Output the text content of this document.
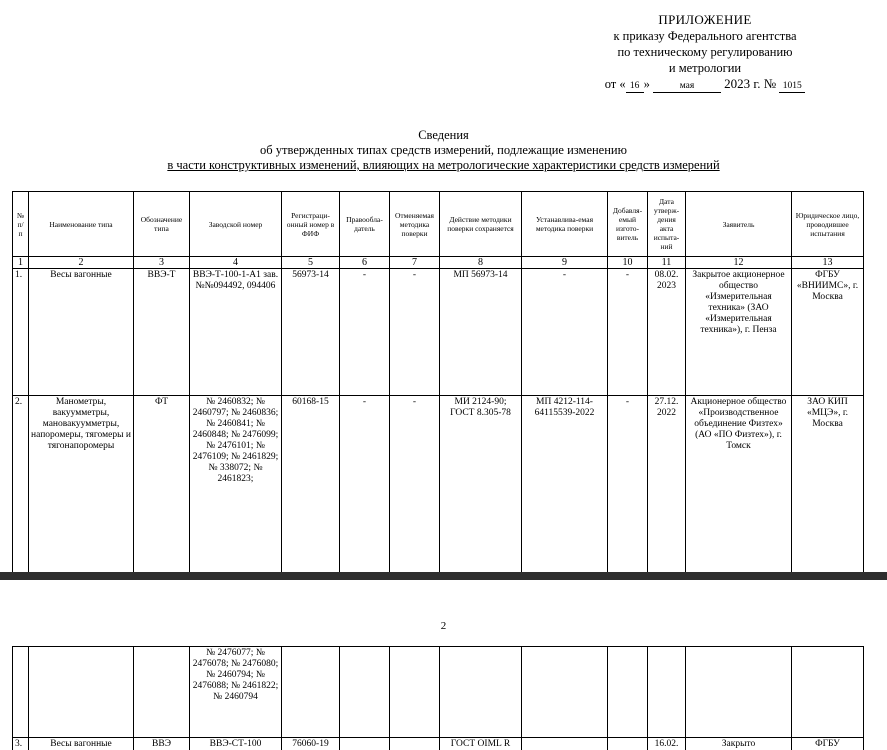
ПРИЛОЖЕНИЕ
к приказу Федерального агентства
по техническому регулированию
и метрологии
от « 16 »	мая 2023 г. № 1015
Сведения
об утвержденных типах средств измерений, подлежащие изменению
в части конструктивных изменений, влияющих на метрологические характеристики средств измерений
№ п/ п	Наименование типа	Обозначение типа	Заводской номер	Регистраци-онный номер в ФИФ	Правообла-датель	Отменяемая методика поверки	Действие методики поверки сохраняется	Устанавлива-емая методика поверки	Добавля-емый изгото-витель	Дата утверж-дения акта испыта-ний	Заявитель	Юридическое лицо, проводившее испытания
1	2	3	4	5	6	7	8	9	10	11	12	13
1.	Весы вагонные	ВВЭ-Т	ВВЭ-Т-100-1-А1 зав. №№094492, 094406	56973-14	-	-	МП 56973-14	-	-	08.02. 2023	Закрытое акционерное общество «Измерительная техника» (ЗАО «Измерительная техника»), г. Пенза	ФГБУ «ВНИИМС», г. Москва
2.	Манометры, вакуумметры, мановакуумметры, напоромеры, тягомеры и тягонапоромеры	ФТ	№ 2460832; № 2460797; № 2460836; № 2460841; № 2460848; № 2476099; № 2476101; № 2476109; № 2461829; № 338072; № 2461823;	60168-15	-	-	МИ 2124-90; ГОСТ 8.305-78	МП 4212-114-64115539-2022	-	27.12. 2022	Акционерное общество «Производственное объединение Физтех» (АО «ПО Физтех»), г. Томск	ЗАО КИП «МЦЭ», г. Москва
2
			№ 2476077; № 2476078; № 2476080; № 2460794; № 2476088; № 2461822; № 2460794									
3.	Весы вагонные	ВВЭ	ВВЭ-СТ-100	76060-19			ГОСТ OIML R			16.02.	Закрыто	ФГБУ
